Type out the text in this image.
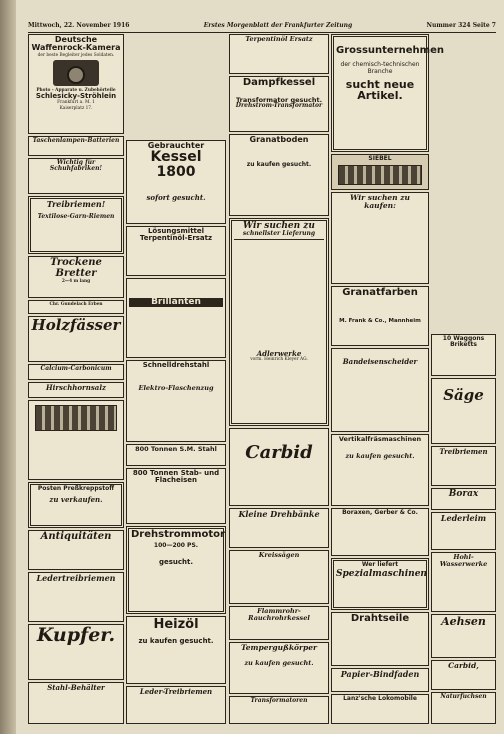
Mittwoch, 22. November 1916	Erstes Morgenblatt der Frankfurter Zeitung	Nummer 324 Seite 7
Deutsche Waffenrock-Kamera
der beste Begleiter jedes Soldaten.
Photo - Apparate u. Zubehörteile
Schlesicky-Ströhlein
Frankfurt a. M. 1
Kaiserplatz 17.
Taschenlampen-Batterien
Wichtig für Schuhfabriken!
Treibriemen!
Textilose-Garn-Riemen
Trockene Bretter
2—4 m lang
Chr. Gundelach Erben
Holzfässer
Calcium-Carbonicum
Hirschhornsalz
Posten Preßkreppstoff
zu verkaufen.
Antiquitäten
Ledertreibriemen
Kupfer.
Stahl-Behälter
Gebrauchter
Kessel 1800
sofort gesucht.
Lösungsmittel
Terpentinöl-Ersatz
Brillanten
Schnelldrehstahl
Elektro-Flaschenzug
800 Tonnen S.M. Stahl
800 Tonnen Stab- und Flacheisen
Drehstrommotor
100—200 PS.
gesucht.
Heizöl
zu kaufen gesucht.
Leder-Treibriemen
Terpentinöl Ersatz
Dampfkessel
Transformator gesucht.
Drehstrom-Transformator
Granatboden
zu kaufen gesucht.
Wir suchen zu
schnellster Lieferung
Adlerwerke
vorm. Heinrich Kleyer AG.
Carbid
Kleine Drehbänke
Kreissägen
Flammrohr-Rauchrohrkessel
Tempergußkörper
zu kaufen gesucht.
Transformatoren
Grossunternehmen
der chemisch-technischen Branche
sucht neue Artikel.
SIEBEL
Wir suchen zu kaufen:
Granatfarben
M. Frank & Co., Mannheim
Bandeisenscheider
Vertikalfräsmaschinen
zu kaufen gesucht.
Boraxen, Gerber & Co.
Wer liefert
Spezialmaschinen
Drahtseile
Papier-Bindfaden
Lanz'sche Lokomobile
10 Waggons Briketts
Säge
Treibriemen
Borax
Lederleim
Hohl-Wasserwerke
Aehsen
Carbid,
Naturfuchsen
